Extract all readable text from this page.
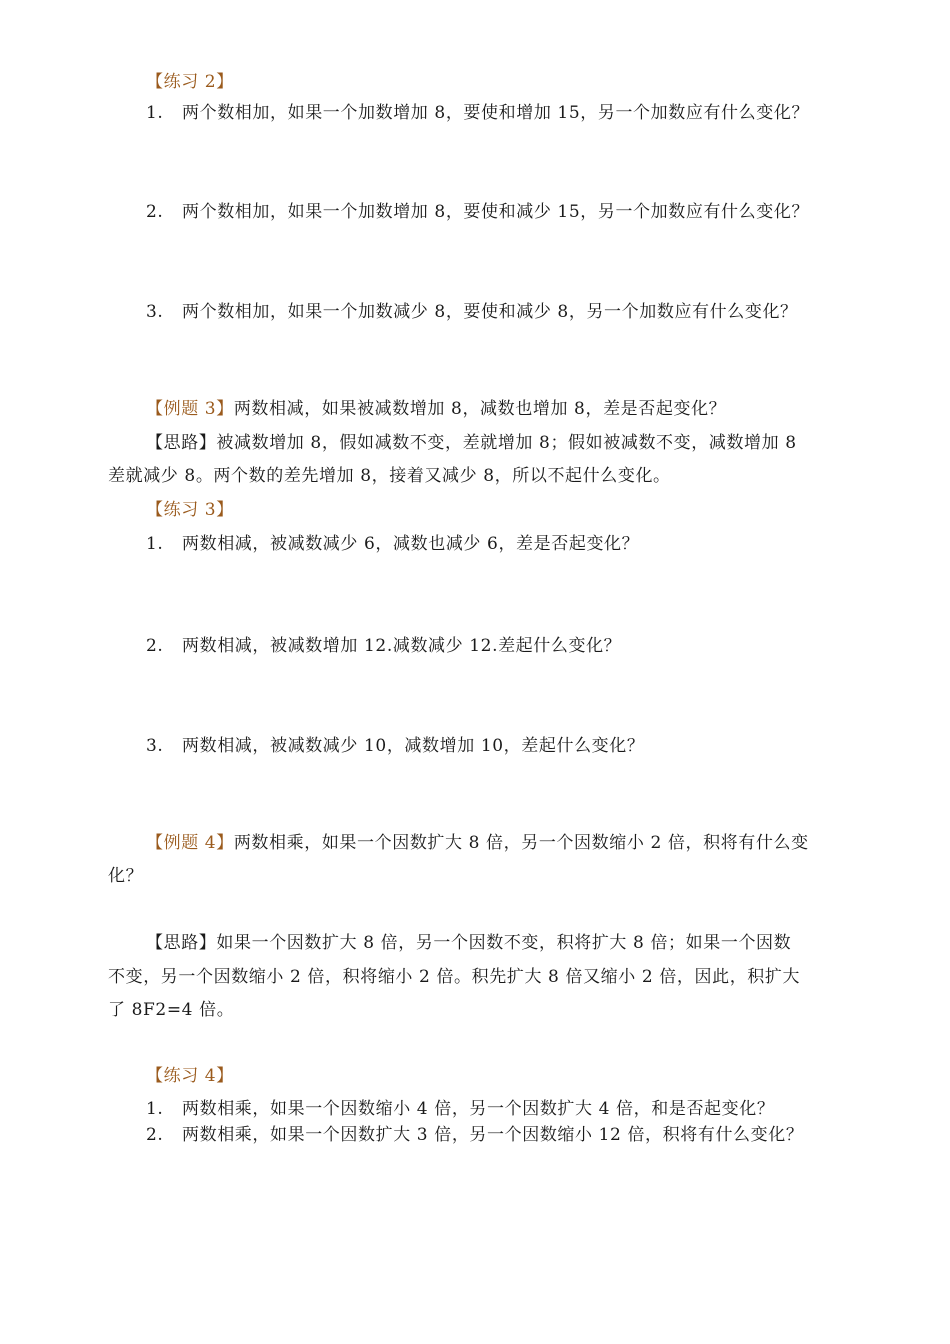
【练习 2】
1. 两个数相加，如果一个加数增加 8，要使和增加 15，另一个加数应有什么变化？
2. 两个数相加，如果一个加数增加 8，要使和减少 15，另一个加数应有什么变化？
3. 两个数相加，如果一个加数减少 8，要使和减少 8，另一个加数应有什么变化？
【例题 3】两数相减，如果被减数增加 8，减数也增加 8，差是否起变化？
【思路】被减数增加 8，假如减数不变，差就增加 8；假如被减数不变，减数增加 8
差就减少 8。两个数的差先增加 8，接着又减少 8，所以不起什么变化。
【练习 3】
1. 两数相减，被减数减少 6，减数也减少 6，差是否起变化？
2. 两数相减，被减数增加 12.减数减少 12.差起什么变化？
3. 两数相减，被减数减少 10，减数增加 10，差起什么变化？
【例题 4】两数相乘，如果一个因数扩大 8 倍，另一个因数缩小 2 倍，积将有什么变
化？
【思路】如果一个因数扩大 8 倍，另一个因数不变，积将扩大 8 倍；如果一个因数
不变，另一个因数缩小 2 倍，积将缩小 2 倍。积先扩大 8 倍又缩小 2 倍，因此，积扩大
了 8F2=4 倍。
【练习 4】
1. 两数相乘，如果一个因数缩小 4 倍，另一个因数扩大 4 倍，和是否起变化？
2. 两数相乘，如果一个因数扩大 3 倍，另一个因数缩小 12 倍，积将有什么变化？
